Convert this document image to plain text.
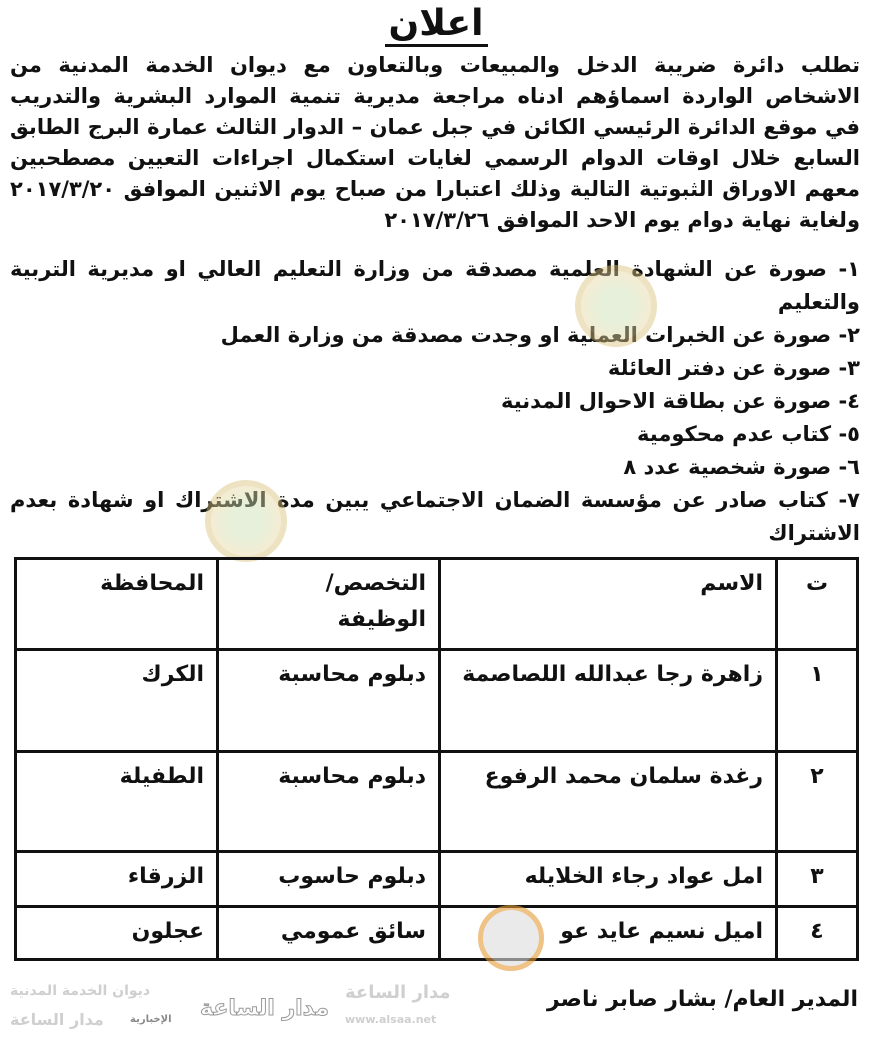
اعلان
تطلب دائرة ضريبة الدخل والمبيعات وبالتعاون مع ديوان الخدمة المدنية من
الاشخاص الواردة اسماؤهم ادناه مراجعة مديرية تنمية الموارد البشرية والتدريب
في موقع الدائرة الرئيسي الكائن في جبل عمان – الدوار الثالث عمارة البرج الطابق
السابع خلال اوقات الدوام الرسمي لغايات استكمال اجراءات التعيين مصطحبين
معهم الاوراق الثبوتية التالية وذلك اعتبارا من صباح يوم الاثنين الموافق ٢٠١٧/٣/٢٠
ولغاية نهاية دوام يوم الاحد الموافق ٢٠١٧/٣/٢٦
١- صورة عن الشهادة العلمية مصدقة من وزارة التعليم العالي او مديرية التربية
والتعليم
٢- صورة عن الخبرات العملية او وجدت مصدقة من وزارة العمل
٣- صورة عن دفتر العائلة
٤- صورة عن بطاقة الاحوال المدنية
٥- كتاب عدم محكومية
٦- صورة شخصية عدد ٨
٧- كتاب صادر عن مؤسسة الضمان الاجتماعي يبين مدة الاشتراك او شهادة بعدم
الاشتراك
ت	الاسم	التخصص/ الوظيفة	المحافظة
١	زاهرة رجا عبدالله اللصاصمة	دبلوم محاسبة	الكرك
٢	رغدة سلمان محمد الرفوع	دبلوم محاسبة	الطفيلة
٣	امل عواد رجاء الخلايله	دبلوم حاسوب	الزرقاء
٤	اميل نسيم عايد عو	سائق عمومي	عجلون
المدير العام/ بشار صابر ناصر
ديوان الخدمة المدنية
مدار الساعة	الإخبارية مدار الساعة
مدار الساعة
www.alsaa.net
